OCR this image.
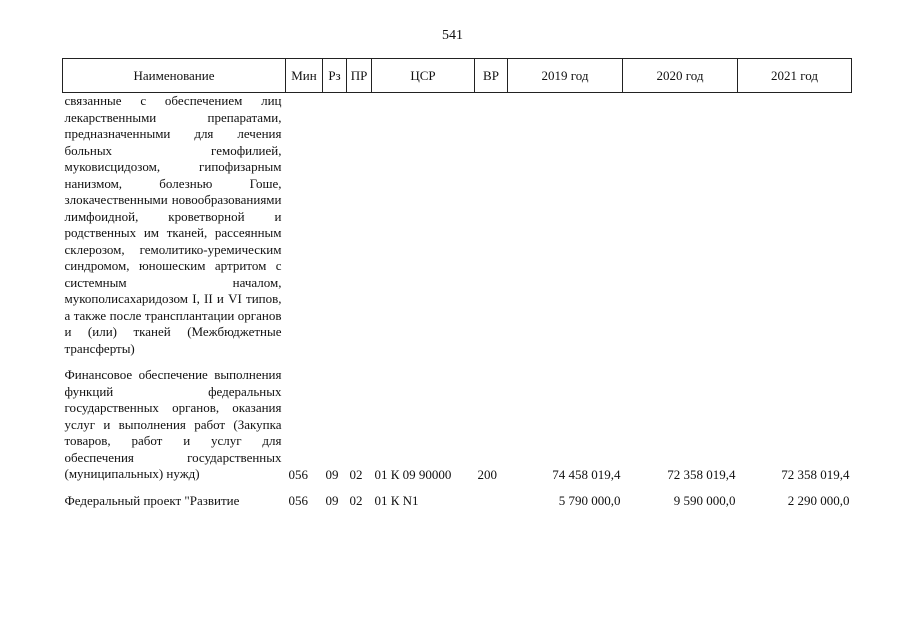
541
Наименование	Мин	Рз	ПР	ЦСР	ВР	2019 год	2020 год	2021 год
связанные с обеспечением лиц лекарственными препаратами, предназначенными для лечения больных гемофилией, муковисцидозом, гипофизарным нанизмом, болезнью Гоше, злокачественными новообразованиями лимфоидной, кроветворной и родственных им тканей, рассеянным склерозом, гемолитико-уремическим синдромом, юношеским артритом с системным началом, мукополисахаридозом I, II и VI типов, а также после трансплантации органов и (или) тканей (Межбюджетные трансферты)								

Финансовое обеспечение выполнения функций федеральных государственных органов, оказания услуг и выполнения работ (Закупка товаров, работ и услуг для обеспечения государственных (муниципальных) нужд)	056	09	02	01 К 09 90000	200	74 458 019,4	72 358 019,4	72 358 019,4

Федеральный проект "Развитие	056	09	02	01 К N1		5 790 000,0	9 590 000,0	2 290 000,0
